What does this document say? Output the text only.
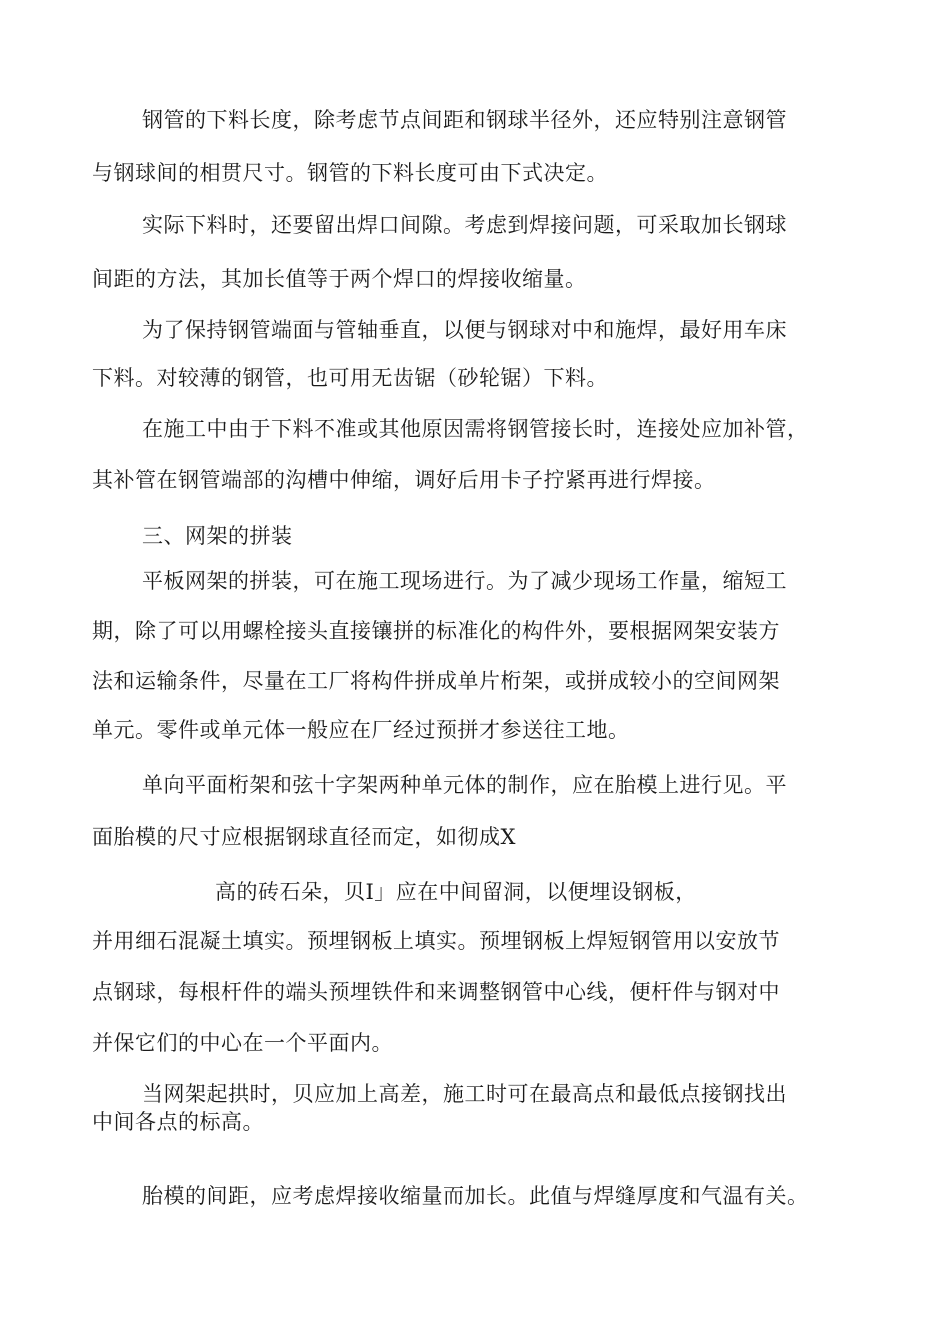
钢管的下料长度，除考虑节点间距和钢球半径外，还应特别注意钢管
与钢球间的相贯尺寸。钢管的下料长度可由下式决定。
实际下料时，还要留出焊口间隙。考虑到焊接问题，可采取加长钢球
间距的方法，其加长值等于两个焊口的焊接收缩量。
为了保持钢管端面与管轴垂直，以便与钢球对中和施焊，最好用车床
下料。对较薄的钢管，也可用无齿锯（砂轮锯）下料。
在施工中由于下料不准或其他原因需将钢管接长时，连接处应加补管，
其补管在钢管端部的沟槽中伸缩，调好后用卡子拧紧再进行焊接。
三、网架的拼装
平板网架的拼装，可在施工现场进行。为了减少现场工作量，缩短工
期，除了可以用螺栓接头直接镶拼的标准化的构件外，要根据网架安装方
法和运输条件，尽量在工厂将构件拼成单片桁架，或拼成较小的空间网架
单元。零件或单元体一般应在厂经过预拼才参送往工地。
单向平面桁架和弦十字架两种单元体的制作，应在胎模上进行见。平
面胎模的尺寸应根据钢球直径而定，如彻成X
高的砖石朵，贝I」应在中间留洞，以便埋设钢板，
并用细石混凝土填实。预埋钢板上填实。预埋钢板上焊短钢管用以安放节
点钢球，每根杆件的端头预埋铁件和来调整钢管中心线，便杆件与钢对中
并保它们的中心在一个平面内。
当网架起拱时，贝应加上高差，施工时可在最高点和最低点接钢找出
中间各点的标高。
胎模的间距，应考虑焊接收缩量而加长。此值与焊缝厚度和气温有关。
